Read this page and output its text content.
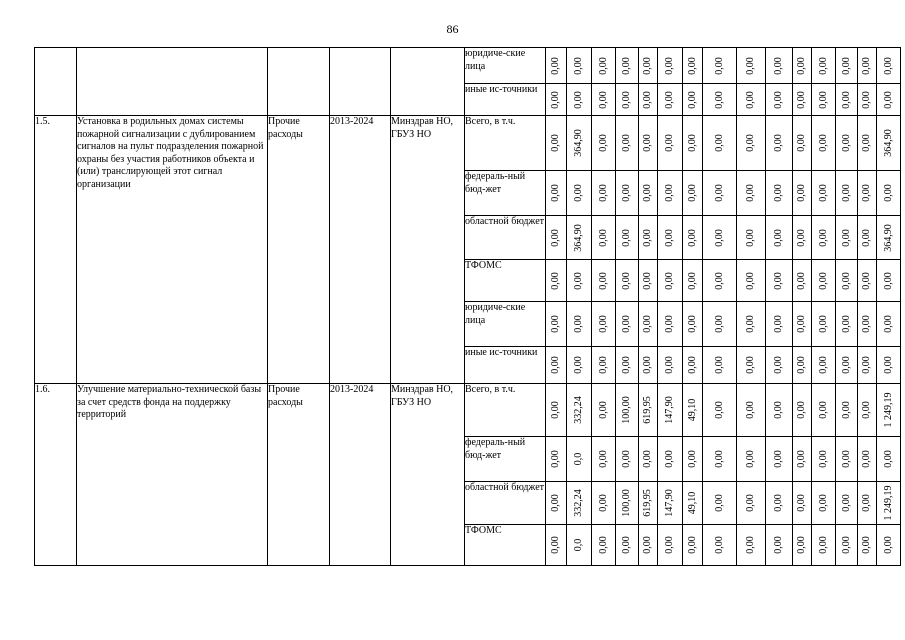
86
					юридиче-ские лица	0,00	0,00	0,00	0,00	0,00	0,00	0,00	0,00	0,00	0,00	0,00	0,00	0,00	0,00	0,00

					иные ис-точники	0,00	0,00	0,00	0,00	0,00	0,00	0,00	0,00	0,00	0,00	0,00	0,00	0,00	0,00	0,00

1.5.	Установка в родильных домах системы пожарной сигнализации с дублированием сигналов на пульт подразделения пожарной охраны без участия работников объекта и (или) транслирующей этот сигнал организации	Прочие расходы	2013-2024	Минздрав НО, ГБУЗ НО	Всего, в т.ч.	0,00	364,90	0,00	0,00	0,00	0,00	0,00	0,00	0,00	0,00	0,00	0,00	0,00	0,00	364,90

					федераль-ный бюд-жет	0,00	0,00	0,00	0,00	0,00	0,00	0,00	0,00	0,00	0,00	0,00	0,00	0,00	0,00	0,00

					областной бюджет	0,00	364,90	0,00	0,00	0,00	0,00	0,00	0,00	0,00	0,00	0,00	0,00	0,00	0,00	364,90

					ТФОМС	0,00	0,00	0,00	0,00	0,00	0,00	0,00	0,00	0,00	0,00	0,00	0,00	0,00	0,00	0,00

					юридиче-ские лица	0,00	0,00	0,00	0,00	0,00	0,00	0,00	0,00	0,00	0,00	0,00	0,00	0,00	0,00	0,00

					иные ис-точники	0,00	0,00	0,00	0,00	0,00	0,00	0,00	0,00	0,00	0,00	0,00	0,00	0,00	0,00	0,00

1.6.	Улучшение материально-технической базы за счет средств фонда на поддержку территорий	Прочие расходы	2013-2024	Минздрав НО, ГБУЗ НО	Всего, в т.ч.	0,00	332,24	0,00	100,00	619,95	147,90	49,10	0,00	0,00	0,00	0,00	0,00	0,00	0,00	1 249,19

					федераль-ный бюд-жет	0,00	0,0	0,00	0,00	0,00	0,00	0,00	0,00	0,00	0,00	0,00	0,00	0,00	0,00	0,00

					областной бюджет	0,00	332,24	0,00	100,00	619,95	147,90	49,10	0,00	0,00	0,00	0,00	0,00	0,00	0,00	1 249,19

					ТФОМС	0,00	0,0	0,00	0,00	0,00	0,00	0,00	0,00	0,00	0,00	0,00	0,00	0,00	0,00	0,00
